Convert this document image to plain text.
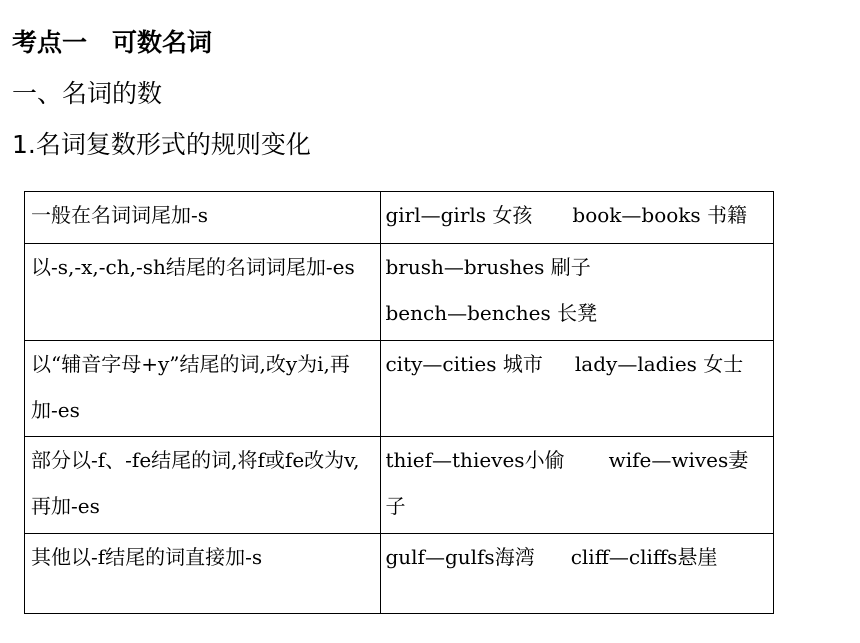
考点一　可数名词
一、名词的数
1.名词复数形式的规则变化
一般在名词词尾加-s	girl—girls 女孩 book—books 书籍
以-s,-x,-ch,-sh结尾的名词词尾加-es	brush—brushes 刷子
bench—benches 长凳

以“辅音字母+y”结尾的词,改y为i,再加-es	city—cities 城市 lady—ladies 女士
部分以-f、-fe结尾的词,将f或fe改为v,再加-es	thief—thieves小偷 wife—wives妻子
其他以-f结尾的词直接加-s	gulf—gulfs海湾 cliff—cliffs悬崖
